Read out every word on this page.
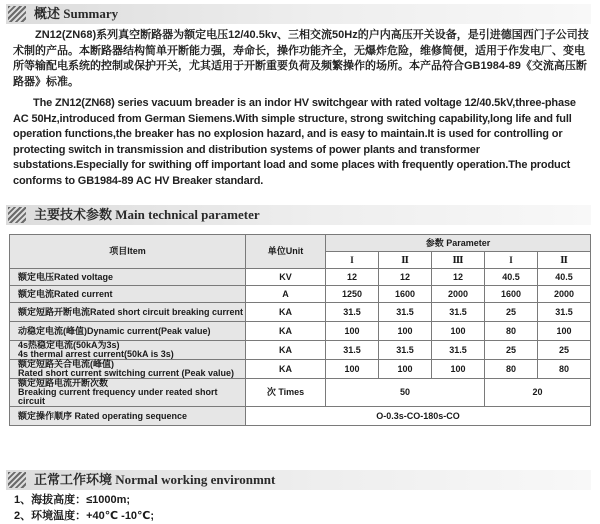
概述 Summary

ZN12(ZN68)系列真空断路器为额定电压12/40.5kv、三相交流50Hz的户内高压开关设备，是引进德国西门子公司技术制的产品。本断路器结构简单开断能力强，寿命长，操作功能齐全，无爆炸危险，维修简便，适用于作发电厂、变电所等输配电系统的控制或保护开关，尤其适用于开断重要负荷及频繁操作的场所。本产品符合GB1984-89《交流高压断路器》标准。

The ZN12(ZN68) series vacuum breader is an indor HV switchgear with rated voltage 12/40.5kV,three-phase AC 50Hz,introduced from German Siemens.With simple structure, strong switching capability,long life and full operation functions,the breaker has no explosion hazard, and is easy to maintain.It is used for controlling or protecting switch in transmission and distribution systems of power plants and transformer substations.Especially for swithing off important load and some places with frequently operation.The product conforms to GB1984-89 AC HV Breaker standard.

主要技术参数 Main technical parameter
项目Item	单位Unit	参数 Parameter				
		I	Ⅱ	Ⅲ	I	Ⅱ
额定电压Rated voltage	KV	12	12	12	40.5	40.5
额定电流Rated current	A	1250	1600	2000	1600	2000
额定短路开断电流Rated short circuit breaking current	KA	31.5	31.5	31.5	25	31.5
动稳定电流(峰值)Dynamic current(Peak value)	KA	100	100	100	80	100

4s热稳定电流(50kA为3s)
4s thermal arrest current(50kA is 3s)	KA	31.5	31.5	31.5	25	25

额定短路关合电流(峰值)
Rated short current switching current (Peak value)	KA	100	100	100	80	80

额定短路电流开断次数
Breaking current frequency under reated short circuit	次 Times	50			20	
额定操作顺序 Rated operating sequence	O-0.3s-CO-180s-CO					
正常工作环境 Normal working environmnt
1、海拔高度：≤1000m;
2、环境温度：+40℃ -10℃;
